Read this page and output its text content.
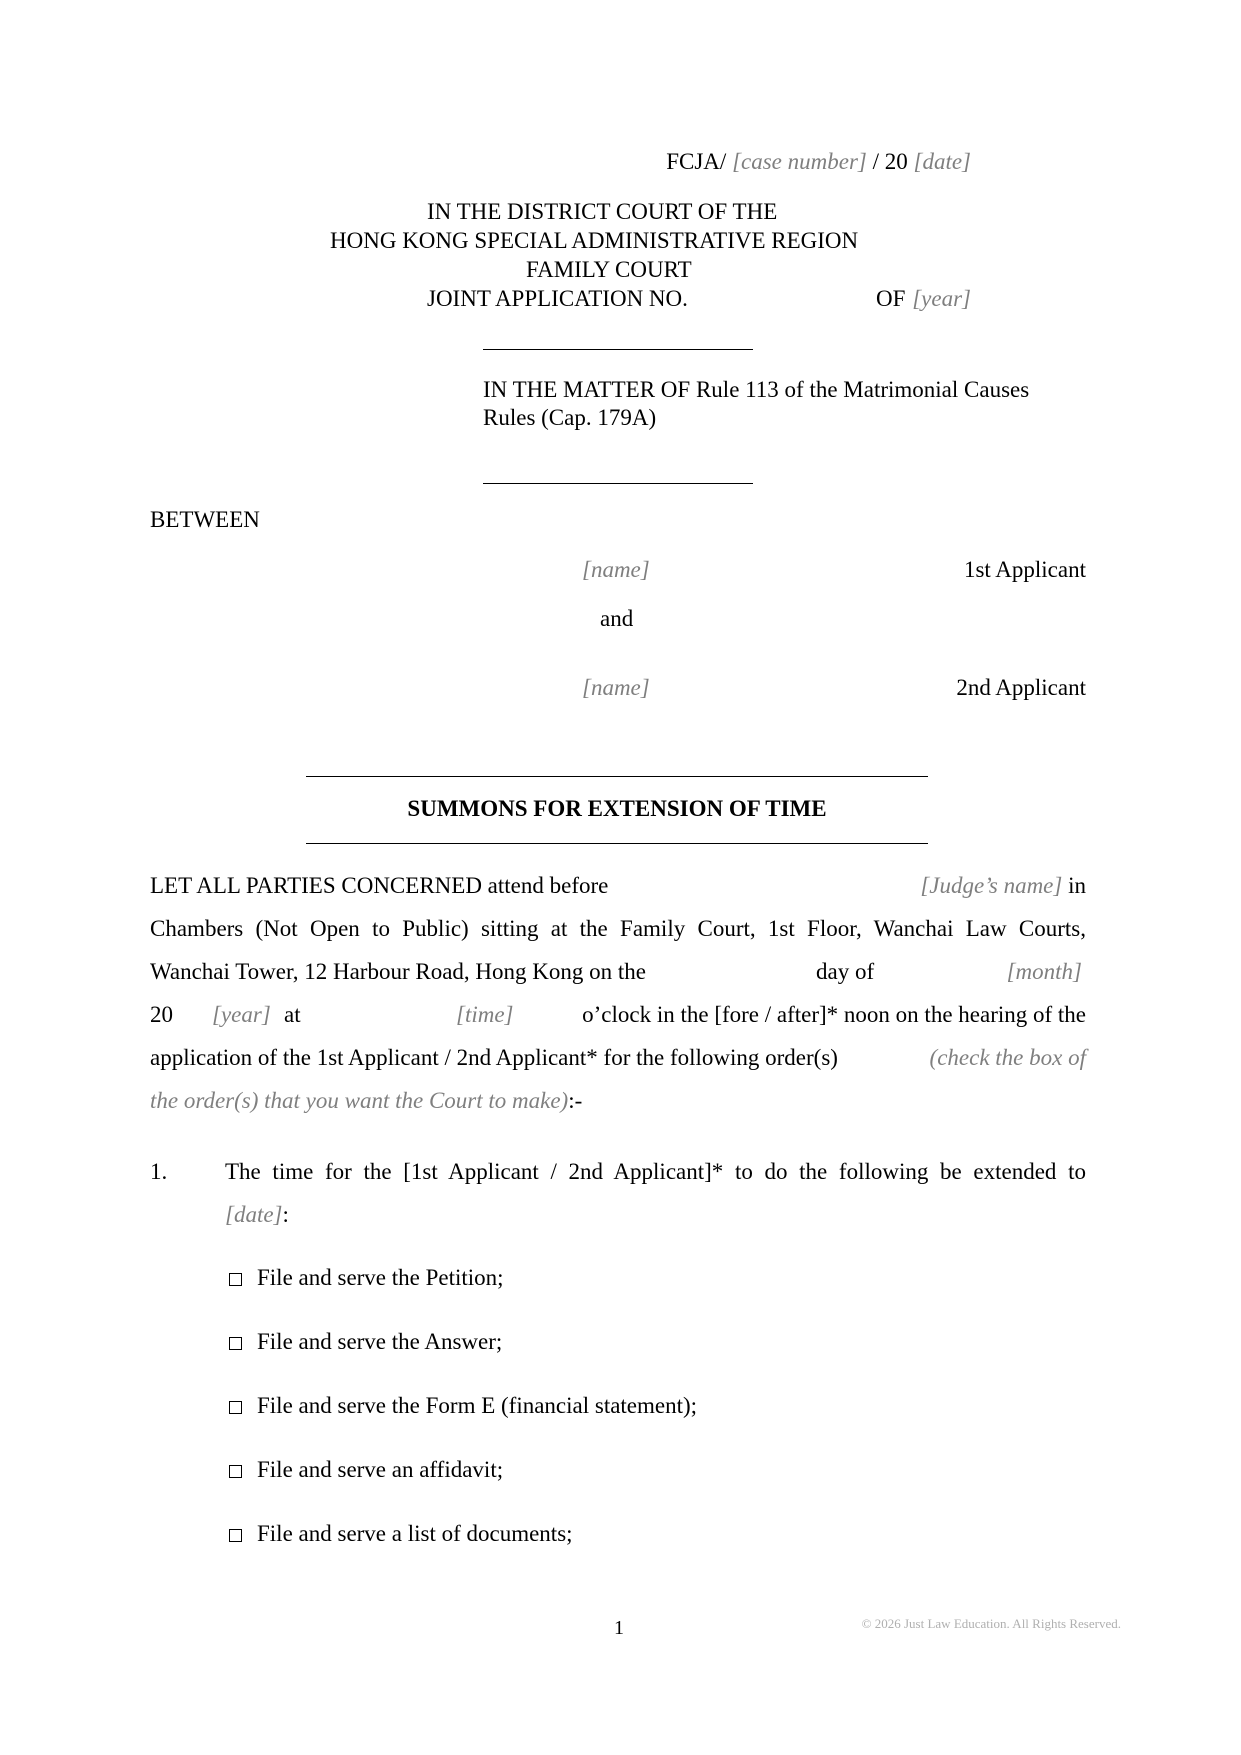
FCJA/ [case number] / 20 [date]
IN THE DISTRICT COURT OF THE
HONG KONG SPECIAL ADMINISTRATIVE REGION
FAMILY COURT
JOINT APPLICATION NO.	OF [year]
IN THE MATTER OF Rule 113 of the Matrimonial Causes
Rules (Cap. 179A)
BETWEEN
[name]	1st Applicant
and
[name]	2nd Applicant
SUMMONS FOR EXTENSION OF TIME
LET ALL PARTIES CONCERNED attend before	[Judge’s name] in
Chambers (Not Open to Public) sitting at the Family Court, 1st Floor, Wanchai Law Courts,
Wanchai Tower, 12 Harbour Road, Hong Kong on the	day of	[month]
20 [year] at	[time]	o’clock in the [fore / after]* noon on the hearing of the
application of the 1st Applicant / 2nd Applicant* for the following order(s)	(check the box of
the order(s) that you want the Court to make):-
1.	The time for the [1st Applicant / 2nd Applicant]* to do the following be extended to
[date]:
File and serve the Petition;
File and serve the Answer;
File and serve the Form E (financial statement);
File and serve an affidavit;
File and serve a list of documents;
1	© 2026 Just Law Education. All Rights Reserved.
